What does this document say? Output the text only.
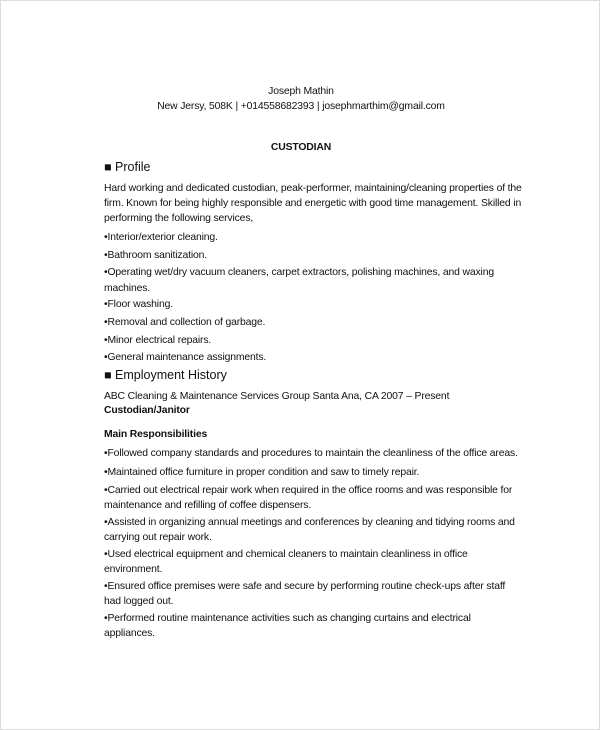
Joseph Mathin
New Jersy, 508K | +014558682393 | josephmarthim@gmail.com
CUSTODIAN
■ Profile
Hard working and dedicated custodian, peak-performer, maintaining/cleaning properties of the
firm. Known for being highly responsible and energetic with good time management. Skilled in
performing the following services,
•Interior/exterior cleaning.
•Bathroom sanitization.
•Operating wet/dry vacuum cleaners, carpet extractors, polishing machines, and waxing
machines.
•Floor washing.
•Removal and collection of garbage.
•Minor electrical repairs.
•General maintenance assignments.
•Followed company standards and procedures to maintain the cleanliness of the office areas.
•Maintained office furniture in proper condition and saw to timely repair.
•Carried out electrical repair work when required in the office rooms and was responsible for
maintenance and refilling of coffee dispensers.
•Assisted in organizing annual meetings and conferences by cleaning and tidying rooms and
carrying out repair work.
•Used electrical equipment and chemical cleaners to maintain cleanliness in office
environment.
•Ensured office premises were safe and secure by performing routine check-ups after staff
had logged out.
•Performed routine maintenance activities such as changing curtains and electrical
appliances.
■ Employment History
ABC Cleaning & Maintenance Services Group Santa Ana, CA 2007 – Present
Custodian/Janitor
Main Responsibilities
